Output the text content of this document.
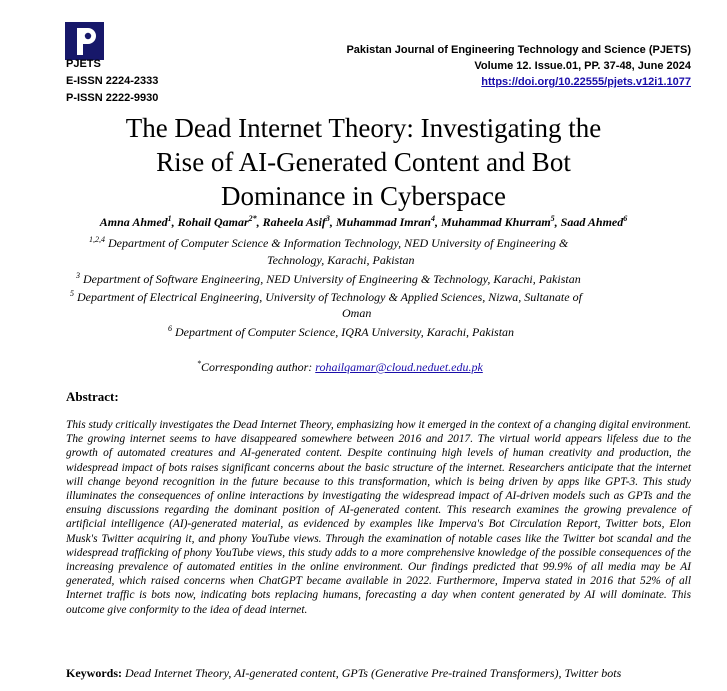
PJETS
E-ISSN 2224-2333
P-ISSN 2222-9930
Pakistan Journal of Engineering Technology and Science (PJETS)
Volume 12. Issue.01, PP. 37-48, June 2024
https://doi.org/10.22555/pjets.v12i1.1077
The Dead Internet Theory: Investigating the
Rise of AI-Generated Content and Bot
Dominance in Cyberspace
Amna Ahmed$^1$, Rohail Qamar$^{2*}$, Raheela Asif$^3$, Muhammad Imran$^4$, Muhammad Khurram$^5$, Saad Ahmed$^6$
$^{1,2,4}$ Department of Computer Science & Information Technology, NED University of Engineering &
Technology, Karachi, Pakistan
$^3$ Department of Software Engineering, NED University of Engineering & Technology, Karachi, Pakistan
$^5$ Department of Electrical Engineering, University of Technology & Applied Sciences, Nizwa, Sultanate of
Oman
$^6$ Department of Computer Science, IQRA University, Karachi, Pakistan
*Corresponding author: rohailqamar@cloud.neduet.edu.pk
Abstract:
This study critically investigates the Dead Internet Theory, emphasizing how it emerged in the context of a changing digital environment. The growing internet seems to have disappeared somewhere between 2016 and 2017. The virtual world appears lifeless due to the growth of automated creatures and AI-generated content. Despite continuing high levels of human creativity and production, the widespread impact of bots raises significant concerns about the basic structure of the internet. Researchers anticipate that the internet will change beyond recognition in the future because to this transformation, which is being driven by apps like GPT-3. This study illuminates the consequences of online interactions by investigating the widespread impact of AI-driven models such as GPTs and the ensuing discussions regarding the dominant position of AI-generated content. This research examines the growing prevalence of artificial intelligence (AI)-generated material, as evidenced by examples like Imperva's Bot Circulation Report, Twitter bots, Elon Musk's Twitter acquiring it, and phony YouTube views. Through the examination of notable cases like the Twitter bot scandal and the widespread trafficking of phony YouTube views, this study adds to a more comprehensive knowledge of the possible consequences of the increasing prevalence of automated entities in the online environment. Our findings predicted that 99.9% of all media may be AI generated, which raised concerns when ChatGPT became available in 2022. Furthermore, Imperva stated in 2016 that 52% of all Internet traffic is bots now, indicating bots replacing humans, forecasting a day when content generated by AI will dominate. This outcome give conformity to the idea of dead internet.
Keywords: Dead Internet Theory, AI-generated content, GPTs (Generative Pre-trained Transformers), Twitter bots
